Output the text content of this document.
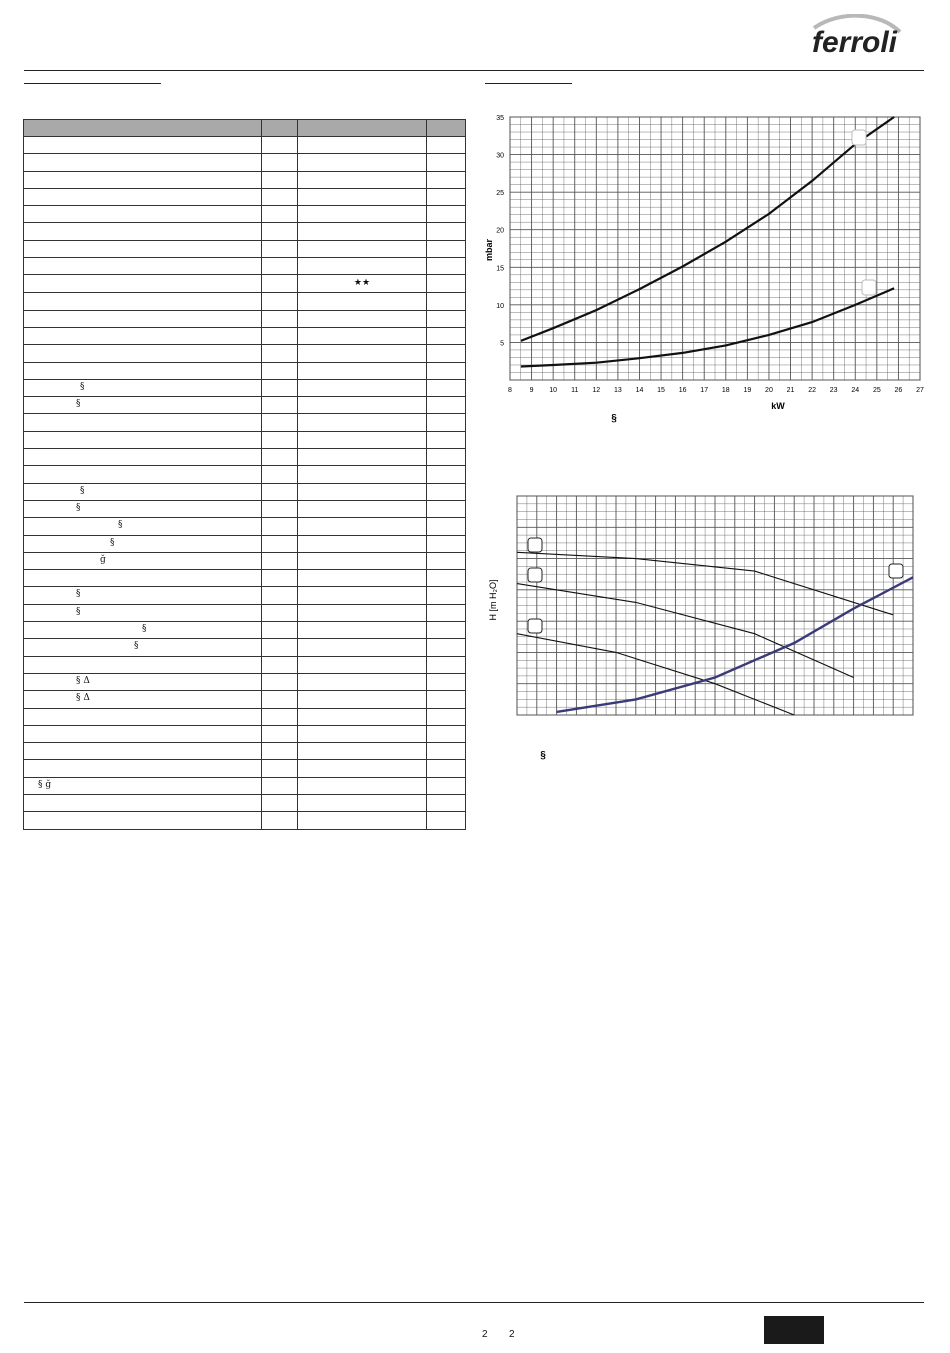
ferroli

		★★	

§			

§			

§			

§			

§			

§			

ğ			

§			

§			

§			

§			

§ Δ			

§ Δ			

§ ğ			

8	9 10 11 12 13 14 15 16 17 18 19 20 21 22 23 24 25 26 27
5
10
15
20
25
30
35
mbar
kW
§
H [m H₂O]
§
2 2
